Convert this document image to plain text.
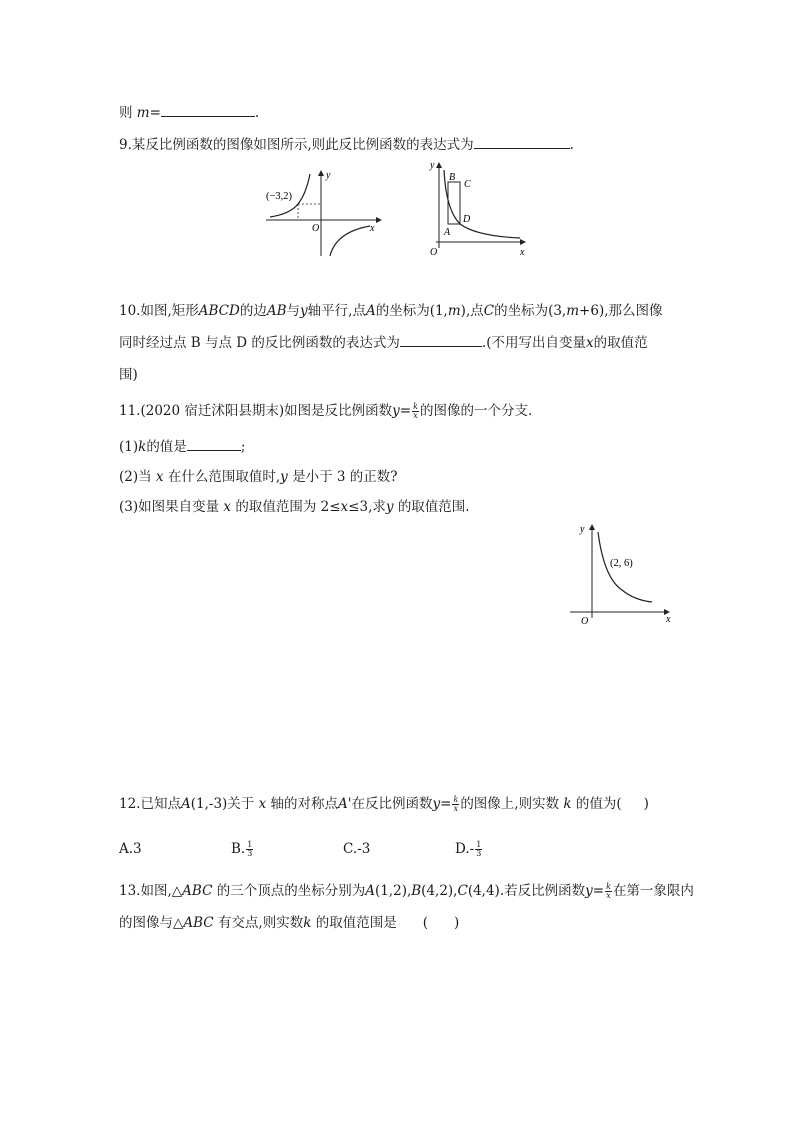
则 m=	.
9.某反比例函数的图像如图所示,则此反比例函数的表达式为	.
(−3,2)
y
x
O
y
B
C
D
A
O	x
10.如图,矩形ABCD的边AB与y轴平行,点A的坐标为(1,m),点C的坐标为(3,m+6),那么图像
同时经过点 B 与点 D 的反比例函数的表达式为	.(不用写出自变量x的取值范
围)
11.(2020 宿迁沭阳县期末)如图是反比例函数$y= \frac{k}{x}$ 的图像的一个分支.
(1)k的值是	;
(2)当 x 在什么范围取值时,y 是小于 3 的正数?
(3)如图果自变量 x 的取值范围为 2≤x≤3,求y 的取值范围.
(2, 6)
y
O	x
12.已知点A(1,-3)关于 x 轴的对称点A'在反比例函数$y= \frac{k}{x}$ 的图像上,则实数 k 的值为( )
A.3	B. $\frac{1}{3}$	C.-3	$D.- \frac{1}{3}$
13.如图,△ABC 的三个顶点的坐标分别为A(1,2),B(4,2),C(4,4).若反比例函数$y= \frac{k}{x}$ 在第一象限内
的图像与△ABC 有交点,则实数k 的取值范围是 ( )
